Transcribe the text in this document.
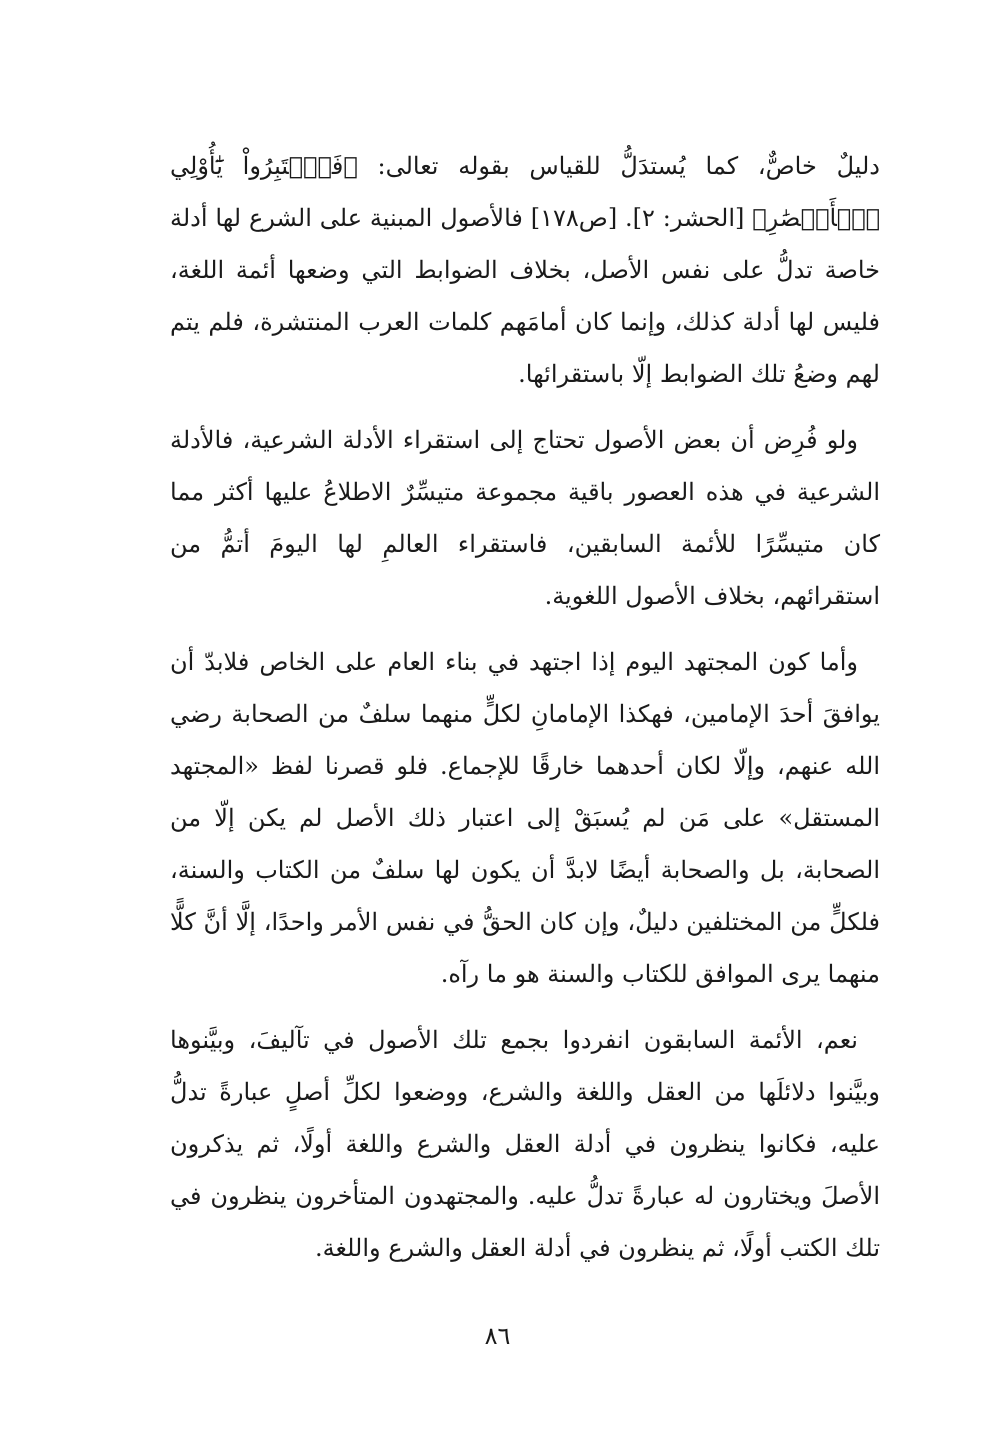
دليلٌ خاصٌّ، كما يُستدَلُّ للقياس بقوله تعالى: ﴿فَٱعۡتَبِرُواْ يَٰٓأُوْلِي ٱلۡأَبۡصَٰرِ﴾ [الحشر: ٢]. [ص١٧٨] فالأصول المبنية على الشرع لها أدلة خاصة تدلُّ على نفس الأصل، بخلاف الضوابط التي وضعها أئمة اللغة، فليس لها أدلة كذلك، وإنما كان أمامَهم كلمات العرب المنتشرة، فلم يتم لهم وضعُ تلك الضوابط إلّا باستقرائها.

ولو فُرِض أن بعض الأصول تحتاج إلى استقراء الأدلة الشرعية، فالأدلة الشرعية في هذه العصور باقية مجموعة متيسِّرٌ الاطلاعُ عليها أكثر مما كان متيسِّرًا للأئمة السابقين، فاستقراء العالمِ لها اليومَ أتمُّ من استقرائهم، بخلاف الأصول اللغوية.

وأما كون المجتهد اليوم إذا اجتهد في بناء العام على الخاص فلابدّ أن يوافقَ أحدَ الإمامين، فهكذا الإمامانِ لكلٍّ منهما سلفٌ من الصحابة رضي الله عنهم، وإلّا لكان أحدهما خارقًا للإجماع. فلو قصرنا لفظ «المجتهد المستقل» على مَن لم يُسبَقْ إلى اعتبار ذلك الأصل لم يكن إلّا من الصحابة، بل والصحابة أيضًا لابدَّ أن يكون لها سلفٌ من الكتاب والسنة، فلكلٍّ من المختلفين دليلٌ، وإن كان الحقُّ في نفس الأمر واحدًا، إلَّا أنَّ كلًّا منهما يرى الموافق للكتاب والسنة هو ما رآه.

نعم، الأئمة السابقون انفردوا بجمع تلك الأصول في تآليفَ، وبيَّنوها وبيَّنوا دلائلَها من العقل واللغة والشرع، ووضعوا لكلِّ أصلٍ عبارةً تدلُّ عليه، فكانوا ينظرون في أدلة العقل والشرع واللغة أولًا، ثم يذكرون الأصلَ ويختارون له عبارةً تدلُّ عليه. والمجتهدون المتأخرون ينظرون في تلك الكتب أولًا، ثم ينظرون في أدلة العقل والشرع واللغة.

٨٦
